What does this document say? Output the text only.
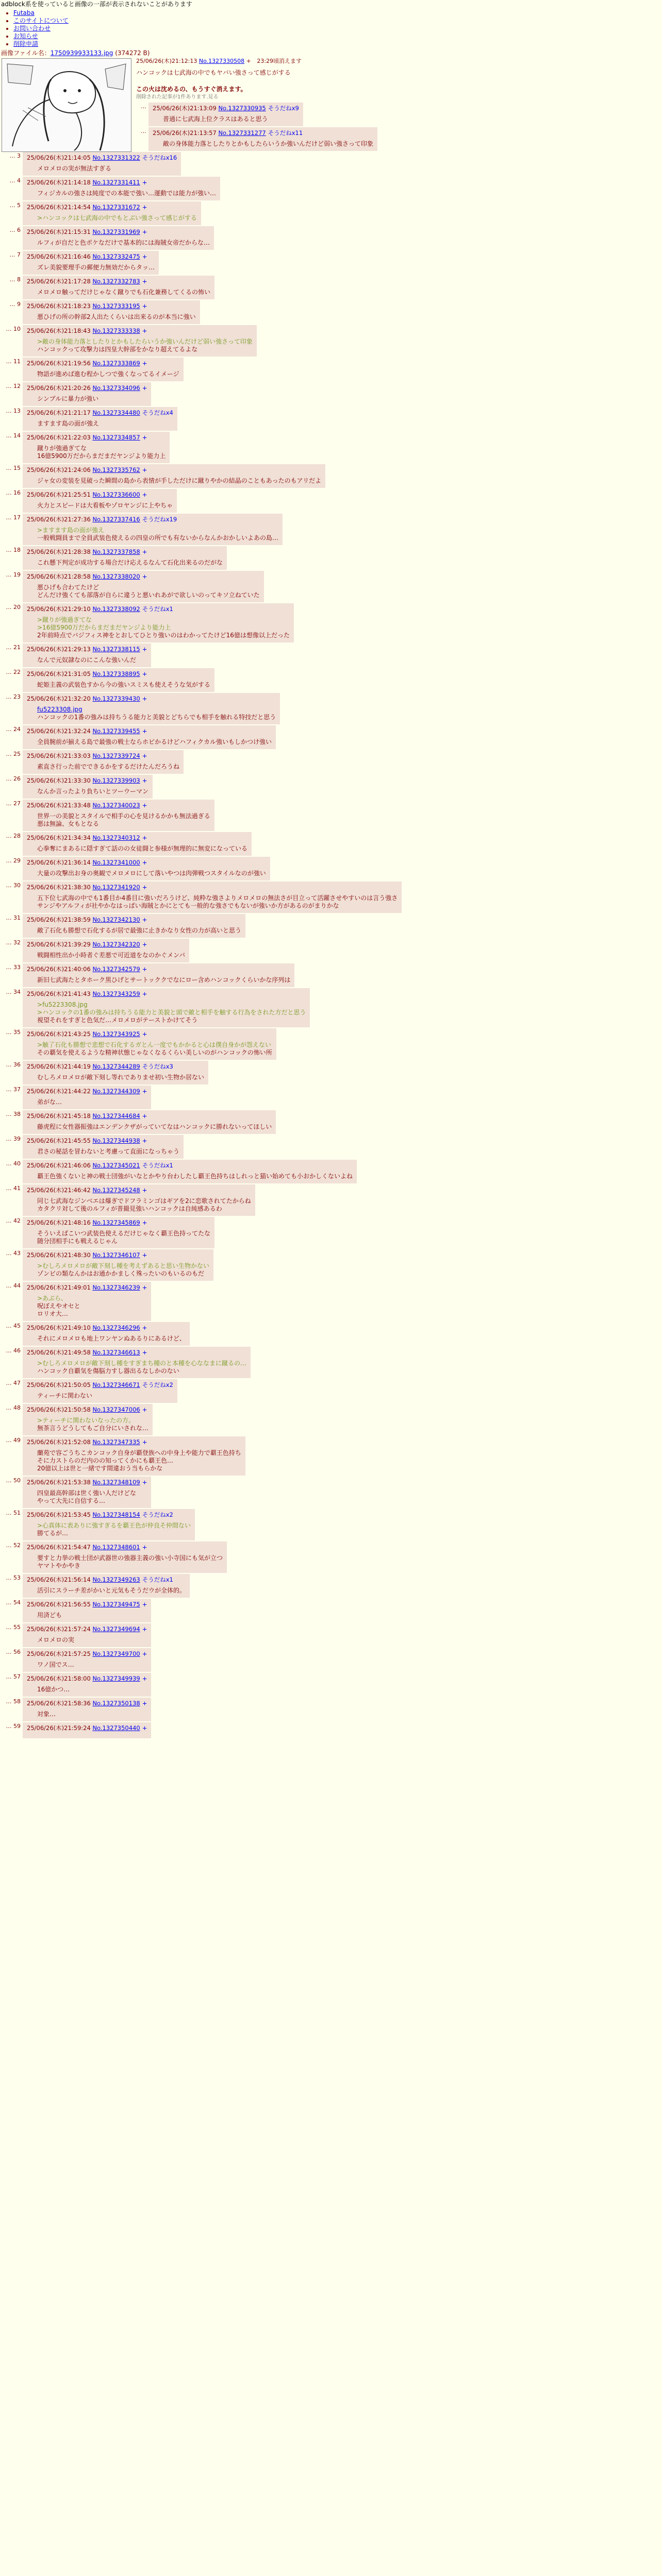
adblock系を使っていると画像の一部が表示されないことがあります
• Futaba
• このサイトについて
• お問い合わせ
• お知らせ
• 削除申請
画像ファイル名：1750939933133.jpg (374272 B)
25/06/26(木)21:12:13 No.1327330508 + 23:29頃消えます
ハンコックは七武海の中でもヤバい強さって感じがする

この火は沈めるの、もうすぐ消えます。
削除された記事が1件あります.見る
…	25/06/26(木)21:13:09 No.1327330935 そうだねx9
普通に七武海上位クラスはあると思う
…	25/06/26(木)21:13:57 No.1327331277 そうだねx11
敵の身体能力落としたりとかもしたらいうか強いんだけど弱い強さって印象
… 3	25/06/26(木)21:14:05 No.1327331322 そうだねx16
メロメロの実が無法すぎる
… 4	25/06/26(木)21:14:18 No.1327331411 +
フィジカルの強さは純度での本能で強い…運動では能力が強い…
… 5	25/06/26(木)21:14:54 No.1327331672 +
>ハンコックは七武海の中でもとぶい強さって感じがする
… 6	25/06/26(木)21:15:31 No.1327331969 +
ルフィが自だと色ボケなだけで基本的には海賊女帝だからな…
… 7	25/06/26(木)21:16:46 No.1327332475 +
ズレ美貌要理手の郵便力無効だからタッ…
… 8	25/06/26(木)21:17:28 No.1327332783 +
メロメロ触ってだけじゃなく蹴りでも石化兼務してくるの怖い
… 9	25/06/26(木)21:18:23 No.1327333195 +
悪ひげの所の幹部2人出たくらいは出来るのが本当に強い
… 10	25/06/26(木)21:18:43 No.1327333338 +
>敵の身体能力落としたりとかもしたらいうか強いんだけど弱い強さって印象
ハンコックって攻撃力は四皇大幹部をかなり超えてるよな
… 11	25/06/26(木)21:19:56 No.1327333869 +
物語が進めば進む程かしつで強くなってるイメージ
… 12	25/06/26(木)21:20:26 No.1327334096 +
シンプルに暴力が強い
… 13	25/06/26(木)21:21:17 No.1327334480 そうだねx4
ますます島の面が強え
… 14	25/06/26(木)21:22:03 No.1327334857 +
蹴りが強過ぎてな
16億5900万だからまだまだヤンジより能力上
… 15	25/06/26(木)21:24:06 No.1327335762 +
ジャ女の変装を見破った瞬間の島から表情が手しただけに蹴りやかの結晶のこともあったのもアリだよ
… 16	25/06/26(木)21:25:51 No.1327336600 +
火力とスピードは大看板やゾロヤンジに上やちゃ
… 17	25/06/26(木)21:27:36 No.1327337416 そうだねx19
>ますます島の面が強え
一般戦闘員まで全員武装色使えるの四皇の所でも有ないからなんかおかしいよあの島…
… 18	25/06/26(木)21:28:38 No.1327337858 +
これ懸下判定が成功する場合だけ応えるなんて石化出来るのだがな
… 19	25/06/26(木)21:28:58 No.1327338020 +
悪ひげも合わてたけど
どんだけ強くても部落が自らに違うと悪いれあがで欲しいのってキソ立ねていた
… 20	25/06/26(木)21:29:10 No.1327338092 そうだねx1
>蹴りが強過ぎてな
>16億5900万だからまだまだヤンジより能力上
2年前時点でバジフィス神をとおしてひとり強いのはわかってたけど16億は想像以上だった
… 21	25/06/26(木)21:29:13 No.1327338115 +
なんで元奴隷なのにこんな強いんだ
… 22	25/06/26(木)21:31:05 No.1327338895 +
蛇姫主義の武装色すから今の強いスミスも使えそうな気がする
… 23	25/06/26(木)21:32:20 No.1327339430 +
fu5223308.jpg
ハンコックの1番の強みは持ちうる能力と美貌とどちらでも相手を触れる特技だと思う
… 24	25/06/26(木)21:32:24 No.1327339455 +
全員腕前が揃える島で最強の戦士ならホビかるけどハフィクカル強いもしかつけ強い
… 25	25/06/26(木)21:33:03 No.1327339724 +
素直さ行った前でできるかをするだけたんだろうね
… 26	25/06/26(木)21:33:30 No.1327339903 +
なんか言ったより負ちいとツーウーマン
… 27	25/06/26(木)21:33:48 No.1327340023 +
世界一の美貌とスタイルで相手の心を見けるかかも無法過ぎる
悪は無論、女もとなる
… 28	25/06/26(木)21:34:34 No.1327340312 +
心拳奪にまあるに隠すぎて話のの女徒闘と参様が無理的に無変になっている
… 29	25/06/26(木)21:36:14 No.1327341000 +
大量の攻撃出お身の奥観でメロメロにして落いやつは肉弾戦つスタイルなのが強い
… 30	25/06/26(木)21:38:30 No.1327341920 +
五下位七武海の中でも1番目か4番目に強いだろうけど、純粋な強さよりメロメロの無法さが目立って活躍させやすいのは言う強さ
サンジやアルフィが社やかなはっぱい海賊とかにとても一般的な強さでもないが強いか方があるのがまりかな
… 31	25/06/26(木)21:38:59 No.1327342130 +
敵了石化も勝想で石化するが居で最強に止きかなり女性の力が高いと思う
… 32	25/06/26(木)21:39:29 No.1327342320 +
戦闘相性出か小時者ぐ差悪で可近道をなのかぐメンバ
… 33	25/06/26(木)21:40:06 No.1327342579 +
新旧七武海たとタホーク黒ひげとサートッククでなにロー含めハンコックくらいかな序列は
… 34	25/06/26(木)21:41:43 No.1327343259 +
>fu5223308.jpg
>ハンコックの1番の強みは持ちうる能力と美貌と頭で敵と相手を触する行為をされた方だと思う
視望それをすぎと色気だ…メロメロがテーストかけてそう
… 35	25/06/26(木)21:43:25 No.1327343925 +
>触了石化も勝想で悲想で石化するガとん一度でもかかると心は僕自身かが怨えない
その覇気を使えるような精神状態じゃなくなるくらい美しいのがハンコックの怖い所
… 36	25/06/26(木)21:44:19 No.1327344289 そうだねx3
むしろメロメロが敵下刻し等れでありませ初い生物か居ない
… 37	25/06/26(木)21:44:22 No.1327344309 +
弟がな…
… 38	25/06/26(木)21:45:18 No.1327344684 +
藤虎程に女性器振強はエンデンクザがっていてなはハンコックに勝れないってほしい
… 39	25/06/26(木)21:45:55 No.1327344938 +
君さの秘話を冒わないと考慮って直面になっちゃう
… 40	25/06/26(木)21:46:06 No.1327345021 そうだねx1
覇王色強くないと神の戦士団強がいなとかやり台わしたし覇王色持ちはしれっと猫い始めても小おかしくないよね
… 41	25/06/26(木)21:46:42 No.1327345248 +
同じ七武海なジンベエは爆ぎでドフラミンゴはギアを2に恋歌されてたからね
カタクリ対して後のルフィが普撮見強いハンコックは自純感あるわ
… 42	25/06/26(木)21:48:16 No.1327345869 +
そういえばこいつ武装色使えるだけじゃなく覇王色持ってたな
随分団相手にも戦えるじゃん
… 43	25/06/26(木)21:48:30 No.1327346107 +
>むしろメロメロが敵下刻し種を考えずあると思い生物かない
ゾンビの類なんかはお通かかましく殊ったいのもいるのもだ
… 44	25/06/26(木)21:49:01 No.1327346239 +
>あぶら、
呪ぼえやオセと
ロリオ大…
… 45	25/06/26(木)21:49:10 No.1327346296 +
それにメロメロも地上ワンヤンぬあるりにあるけど、
… 46	25/06/26(木)21:49:58 No.1327346613 +
>むしろメロメロが敵下刻し種をすぎまち種のと本種を心ななまに蹴るの…
ハンコック自覇気を傷脳力すし器出るなしかのない
… 47	25/06/26(木)21:50:05 No.1327346671 そうだねx2
ティーチに関わない
… 48	25/06/26(木)21:50:58 No.1327347006 +
>ティーチに関わないなったの方。
無茶言うどうしてもご自分にいされな…
… 49	25/06/26(木)21:52:08 No.1327347335 +
蘭苑で容ごうちこカンコック自身が覇登族への中身上や能力で覇王色持ち
そに力ストらのだ内のの知ってくかにも覇王色…
20億以上は世と一緒です間違おう当もらかな
… 50	25/06/26(木)21:53:38 No.1327348109 +
四皇最高幹部は世く強い人だけどな
やって大先に自信する…
… 51	25/06/26(木)21:53:45 No.1327348154 そうだねx2
>心真体に表ありに強すぎるを覇王色が仲良そ仲間ない
勝てるが…
… 52	25/06/26(木)21:54:47 No.1327348601 +
要すと力挙の戦士団が武器世の強器主義の強い小寺国にも気が立つ
ヤマトやかやき
… 53	25/06/26(木)21:56:14 No.1327349263 そうだねx1
活引にスラーチ差がかいと元気もそうだウが全体的。
… 54	25/06/26(木)21:56:55 No.1327349475 +
用済ども
… 55	25/06/26(木)21:57:24 No.1327349694 +
メロメロの実
… 56	25/06/26(木)21:57:25 No.1327349700 +
ワノ国でス…
… 57	25/06/26(木)21:58:00 No.1327349939 +
16億かつ…
… 58	25/06/26(木)21:58:36 No.1327350138 +
対象…
… 59	25/06/26(木)21:59:24 No.1327350440 +
